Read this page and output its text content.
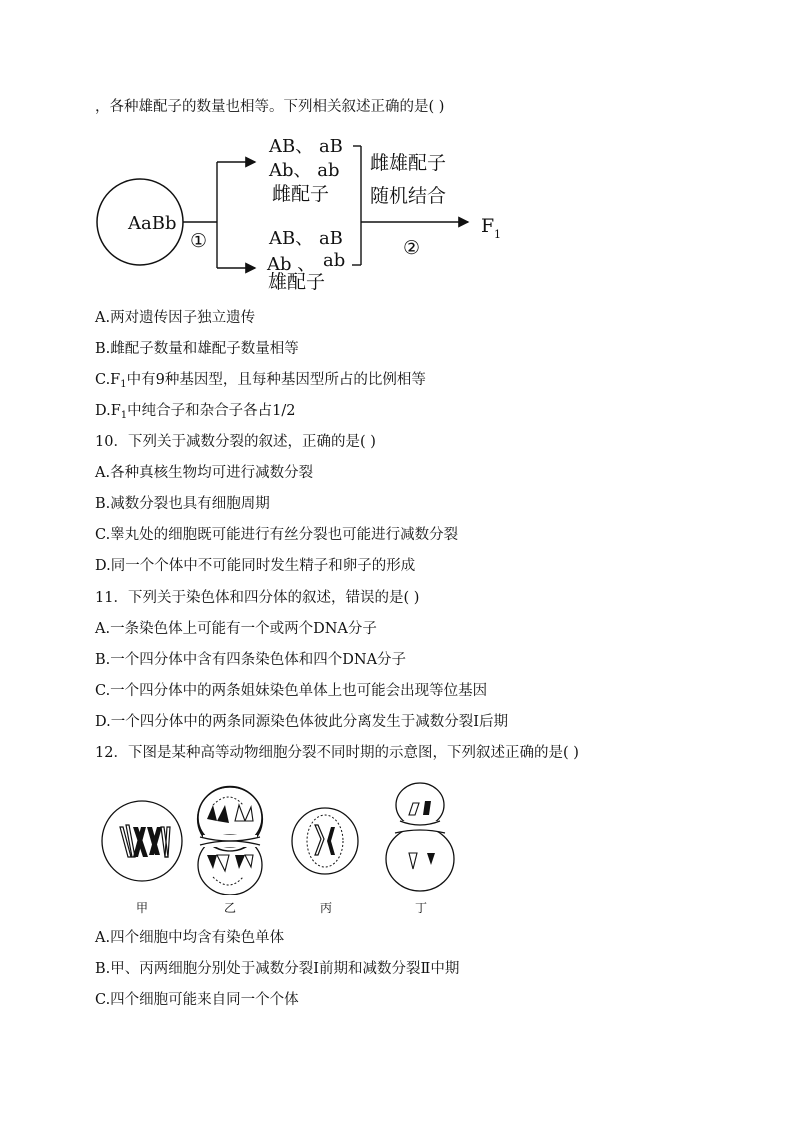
，各种雄配子的数量也相等。下列相关叙述正确的是( )
AaBb
①
AB、 aB
Ab、 ab
雌配子
AB、 aB
Ab 、 ab
雄配子
雌雄配子
随机结合
②
F 1
A.两对遗传因子独立遗传
B.雌配子数量和雄配子数量相等
$C.F_1$中有9种基因型，且每种基因型所占的比例相等
$D.F_1$中纯合子和杂合子各占1/2
10．下列关于减数分裂的叙述，正确的是( )
A.各种真核生物均可进行减数分裂
B.减数分裂也具有细胞周期
C.睾丸处的细胞既可能进行有丝分裂也可能进行减数分裂
D.同一个个体中不可能同时发生精子和卵子的形成
11．下列关于染色体和四分体的叙述，错误的是( )
A.一条染色体上可能有一个或两个DNA分子
B.一个四分体中含有四条染色体和四个DNA分子
C.一个四分体中的两条姐妹染色单体上也可能会出现等位基因
D.一个四分体中的两条同源染色体彼此分离发生于减数分裂Ⅰ后期
12．下图是某种高等动物细胞分裂不同时期的示意图，下列叙述正确的是( )
甲	乙	丙	丁
A.四个细胞中均含有染色单体
B.甲、丙两细胞分别处于减数分裂Ⅰ前期和减数分裂Ⅱ中期
C.四个细胞可能来自同一个个体
